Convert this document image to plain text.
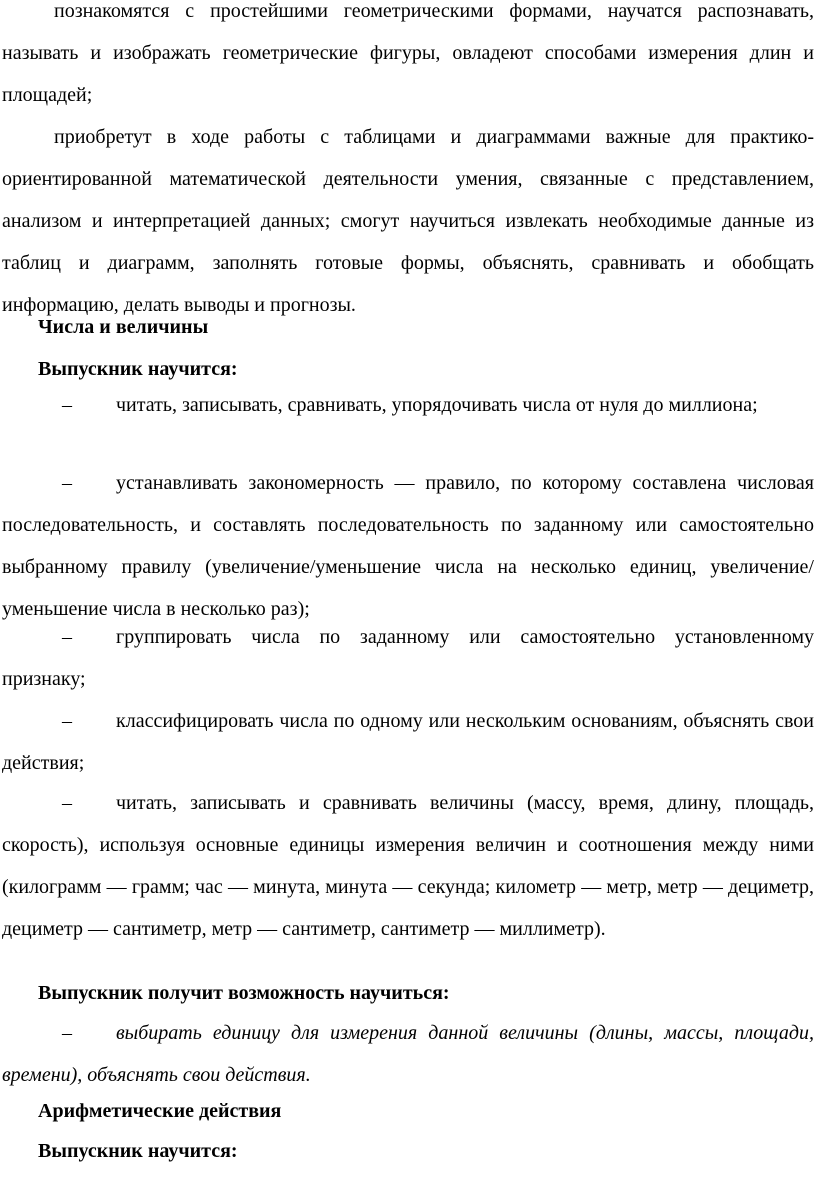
познакомятся с простейшими геометрическими формами, научатся распознавать, называть и изображать геометрические фигуры, овладеют способами измерения длин и площадей;

приобретут в ходе работы с таблицами и диаграммами важные для практико-ориентированной математической деятельности умения, связанные с представлением, анализом и интерпретацией данных; смогут научиться извлекать необходимые данные из таблиц и диаграмм, заполнять готовые формы, объяснять, сравнивать и обобщать информацию, делать выводы и прогнозы.

Числа и величины
Выпускник научится:

– читать, записывать, сравнивать, упорядочивать числа от нуля до миллиона;

– устанавливать закономерность — правило, по которому составлена числовая последовательность, и составлять последовательность по заданному или самостоятельно выбранному правилу (увеличение/уменьшение числа на несколько единиц, увеличение/уменьшение числа в несколько раз);

– группировать числа по заданному или самостоятельно установленному признаку;

– классифицировать числа по одному или нескольким основаниям, объяснять свои действия;

– читать, записывать и сравнивать величины (массу, время, длину, площадь, скорость), используя основные единицы измерения величин и соотношения между ними (килограмм — грамм; час — минута, минута — секунда; километр — метр, метр — дециметр, дециметр — сантиметр, метр — сантиметр, сантиметр — миллиметр).

Выпускник получит возможность научиться:

– выбирать единицу для измерения данной величины (длины, массы, площади, времени), объяснять свои действия.

Арифметические действия
Выпускник научится:
